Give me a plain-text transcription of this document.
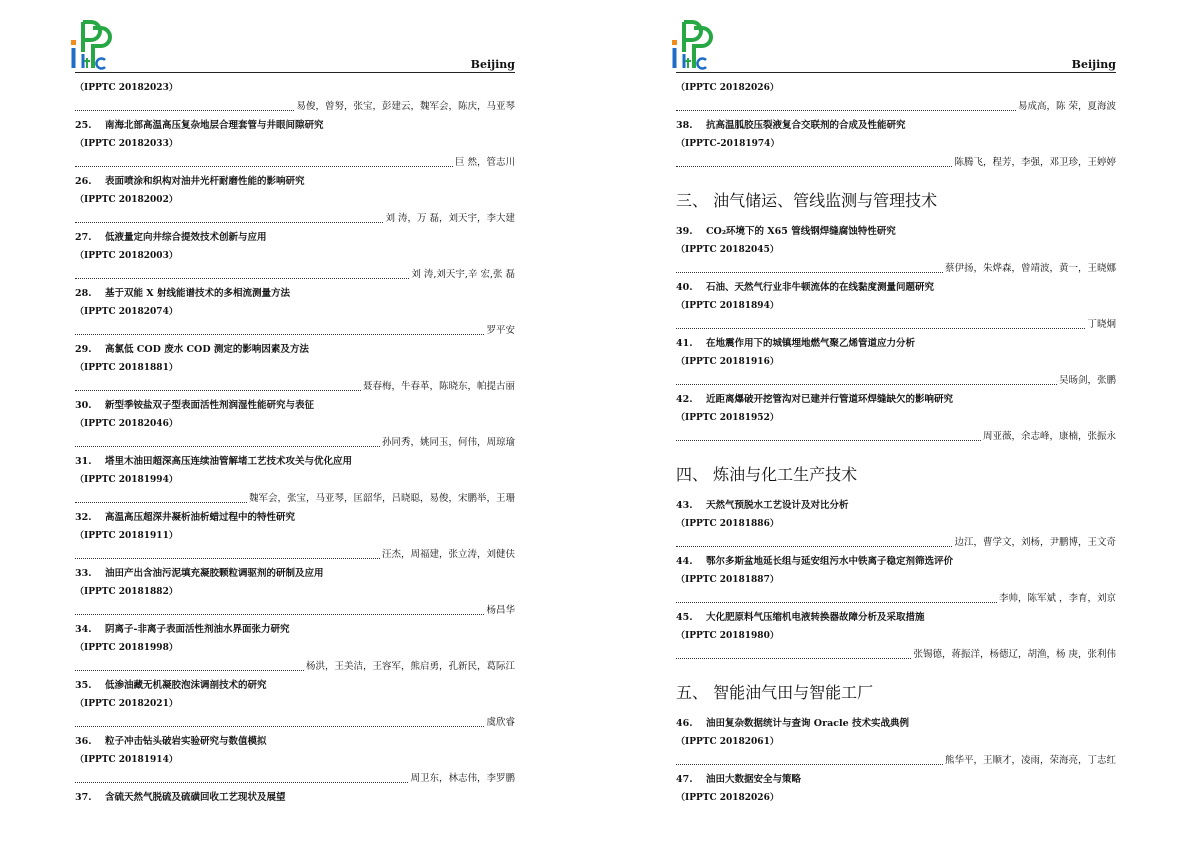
Beijing
（IPPTC 20182023）
易俊，曾努，张宝，彭建云，魏军会，陈庆，马亚琴
25. 南海北部高温高压复杂地层合理套管与井眼间隙研究
（IPPTC 20182033）
巨 然，管志川
26. 表面喷涂和织构对油井光杆耐磨性能的影响研究
（IPPTC 20182002）
刘 涛，万 磊，刘天宇，李大建
27. 低液量定向井综合提效技术创新与应用
（IPPTC 20182003）
刘 涛,刘天宇,辛 宏,张 磊
28. 基于双能 X 射线能谱技术的多相流测量方法
（IPPTC 20182074）
罗平安
29. 高氯低 COD 废水 COD 测定的影响因素及方法
（IPPTC 20181881）
聂春梅，牛春革，陈晓东，帕提古丽
30. 新型季铵盐双子型表面活性剂润湿性能研究与表征
（IPPTC 20182046）
孙同秀，姚同玉，何伟，周琼瑜
31. 塔里木油田超深高压连续油管解堵工艺技术攻关与优化应用
（IPPTC 20181994）
魏军会，张宝，马亚琴，匡韶华，吕晓聪，易俊，宋鹏举，王珊
32. 高温高压超深井凝析油析蜡过程中的特性研究
（IPPTC 20181911）
汪杰，周福建，张立涛，刘健伕
33. 油田产出含油污泥填充凝胶颗粒调驱剂的研制及应用
（IPPTC 20181882）
杨昌华
34. 阴离子-非离子表面活性剂油水界面张力研究
（IPPTC 20181998）
杨洪，王美洁，王容军，熊启勇，孔新民，葛际江
35. 低渗油藏无机凝胶泡沫调剖技术的研究
（IPPTC 20182021）
虞欣睿
36. 粒子冲击钻头破岩实验研究与数值模拟
（IPPTC 20181914）
周卫东，林志伟，李罗鹏
37. 含硫天然气脱硫及硫磺回收工艺现状及展望
Beijing
（IPPTC 20182026）
易成高，陈 荣，夏海波
38. 抗高温胍胶压裂液复合交联剂的合成及性能研究
（IPPTC-20181974）
陈腾飞，程芳，李强，邓卫珍，王婷婷
三、 油气储运、管线监测与管理技术
39. CO₂环境下的 X65 管线钢焊缝腐蚀特性研究
（IPPTC 20182045）
蔡伊扬，朱烨森，曾靖波，黄一，王晓娜
40. 石油、天然气行业非牛顿流体的在线黏度测量问题研究
（IPPTC 20181894）
丁晓炯
41. 在地震作用下的城镇埋地燃气聚乙烯管道应力分析
（IPPTC 20181916）
吴旸剑，张鹏
42. 近距离爆破开挖管沟对已建并行管道环焊缝缺欠的影响研究
（IPPTC 20181952）
周亚薇，余志峰，康楠，张振永
四、 炼油与化工生产技术
43. 天然气预脱水工艺设计及对比分析
（IPPTC 20181886）
边江，曹学文，刘杨，尹鹏博，王文奇
44. 鄂尔多斯盆地延长组与延安组污水中铁离子稳定剂筛选评价
（IPPTC 20181887）
李帅，陈军斌 ，李育，刘京
45. 大化肥原料气压缩机电液转换器故障分析及采取措施
（IPPTC 20181980）
张锡德，蒋振洋，杨德辽，胡渔，杨 庚，张利伟
五、 智能油气田与智能工厂
46. 油田复杂数据统计与查询 Oracle 技术实战典例
（IPPTC 20182061）
熊华平，王顺才，凌雨，荣海亮，丁志红
47. 油田大数据安全与策略
（IPPTC 20182026）
